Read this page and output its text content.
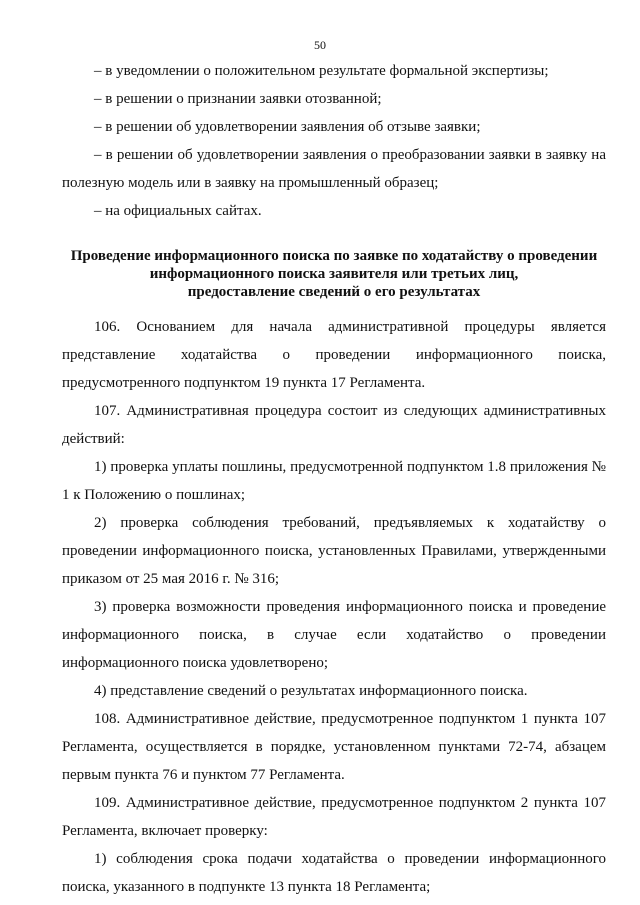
50

– в уведомлении о положительном результате формальной экспертизы;

– в решении о признании заявки отозванной;

– в решении об удовлетворении заявления об отзыве заявки;

– в решении об удовлетворении заявления о преобразовании заявки в заявку на полезную модель или в заявку на промышленный образец;

– на официальных сайтах.

Проведение информационного поиска по заявке по ходатайству о проведении
информационного поиска заявителя или третьих лиц,
предоставление сведений о его результатах

106. Основанием для начала административной процедуры является представление ходатайства о проведении информационного поиска, предусмотренного подпунктом 19 пункта 17 Регламента.

107. Административная процедура состоит из следующих административных действий:

1) проверка уплаты пошлины, предусмотренной подпунктом 1.8 приложения № 1 к Положению о пошлинах;

2) проверка соблюдения требований, предъявляемых к ходатайству о проведении информационного поиска, установленных Правилами, утвержденными приказом от 25 мая 2016 г. № 316;

3) проверка возможности проведения информационного поиска и проведение информационного поиска, в случае если ходатайство о проведении информационного поиска удовлетворено;

4) представление сведений о результатах информационного поиска.

108. Административное действие, предусмотренное подпунктом 1 пункта 107 Регламента, осуществляется в порядке, установленном пунктами 72-74, абзацем первым пункта 76 и пунктом 77 Регламента.

109. Административное действие, предусмотренное подпунктом 2 пункта 107 Регламента, включает проверку:

1) соблюдения срока подачи ходатайства о проведении информационного поиска, указанного в подпункте 13 пункта 18 Регламента;
